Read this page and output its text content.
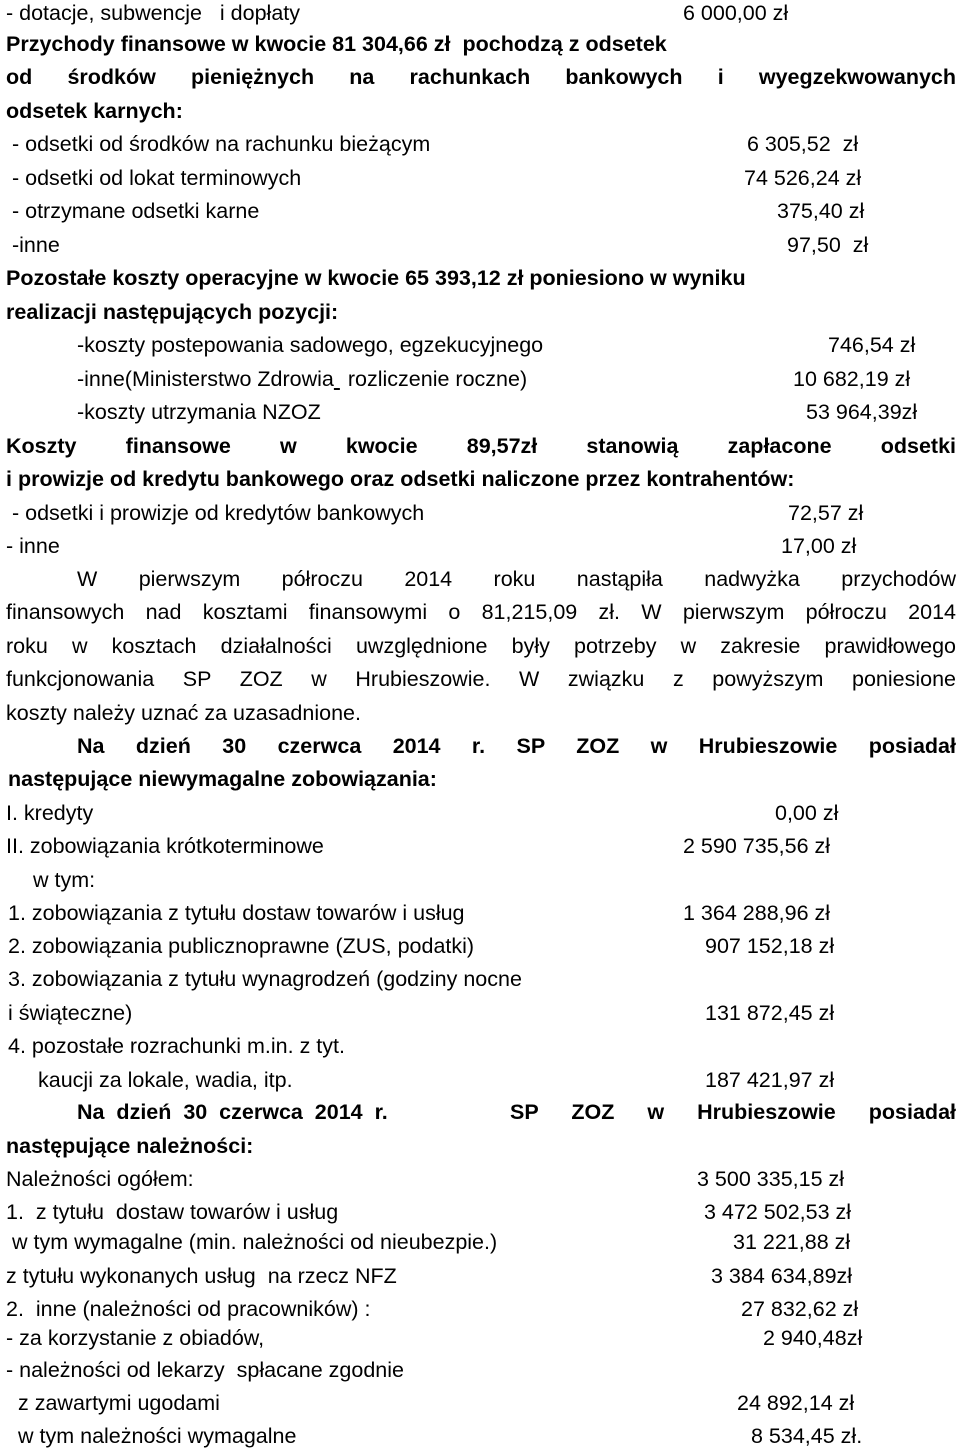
- dotacje, subwencje   i dopłaty	6 000,00 zł
Przychody finansowe w kwocie 81 304,66 zł  pochodzą z odsetek
od środków pieniężnych na rachunkach bankowych i wyegzekwowanych
odsetek karnych:
- odsetki od środków na rachunku bieżącym	6 305,52  zł
- odsetki od lokat terminowych	74 526,24 zł
- otrzymane odsetki karne	375,40 zł
-inne	97,50  zł
Pozostałe koszty operacyjne w kwocie 65 393,12 zł poniesiono w wyniku
realizacji następujących pozycji:
-koszty postepowania sadowego, egzekucyjnego	746,54 zł
-inne(Ministerstwo Zdrowia rozliczenie roczne)	10 682,19 zł
-koszty utrzymania NZOZ	53 964,39zł
Koszty finansowe w kwocie 89,57zł stanowią zapłacone odsetki
i prowizje od kredytu bankowego oraz odsetki naliczone przez kontrahentów:
- odsetki i prowizje od kredytów bankowych	72,57 zł
- inne	17,00 zł
W pierwszym półroczu 2014 roku nastąpiła nadwyżka przychodów
finansowych nad kosztami finansowymi o 81,215,09 zł. W pierwszym półroczu 2014
roku w kosztach działalności uwzględnione były potrzeby w zakresie prawidłowego
funkcjonowania SP ZOZ w Hrubieszowie. W związku z powyższym poniesione
koszty należy uznać za uzasadnione.
Na dzień 30 czerwca 2014 r. SP ZOZ w Hrubieszowie posiadał
następujące niewymagalne zobowiązania:
I. kredyty	0,00 zł
II. zobowiązania krótkoterminowe	2 590 735,56 zł
w tym:
1. zobowiązania z tytułu dostaw towarów i usług	1 364 288,96 zł
2. zobowiązania publicznoprawne (ZUS, podatki)	907 152,18 zł
3. zobowiązania z tytułu wynagrodzeń (godziny nocne
i świąteczne)	131 872,45 zł
4. pozostałe rozrachunki m.in. z tyt.
kaucji za lokale, wadia, itp.	187 421,97 zł
Na  dzień  30  czerwca  2014  r.	SP ZOZ w Hrubieszowie posiadał
następujące należności:
Należności ogółem:	3 500 335,15 zł
1.  z tytułu  dostaw towarów i usług	3 472 502,53 zł
w tym wymagalne (min. należności od nieubezpie.)	31 221,88 zł
z tytułu wykonanych usług  na rzecz NFZ	3 384 634,89zł
2.  inne (należności od pracowników) :	27 832,62 zł
- za korzystanie z obiadów,	2 940,48zł
- należności od lekarzy  spłacane zgodnie
z zawartymi ugodami	24 892,14 zł
w tym należności wymagalne	8 534,45 zł.
